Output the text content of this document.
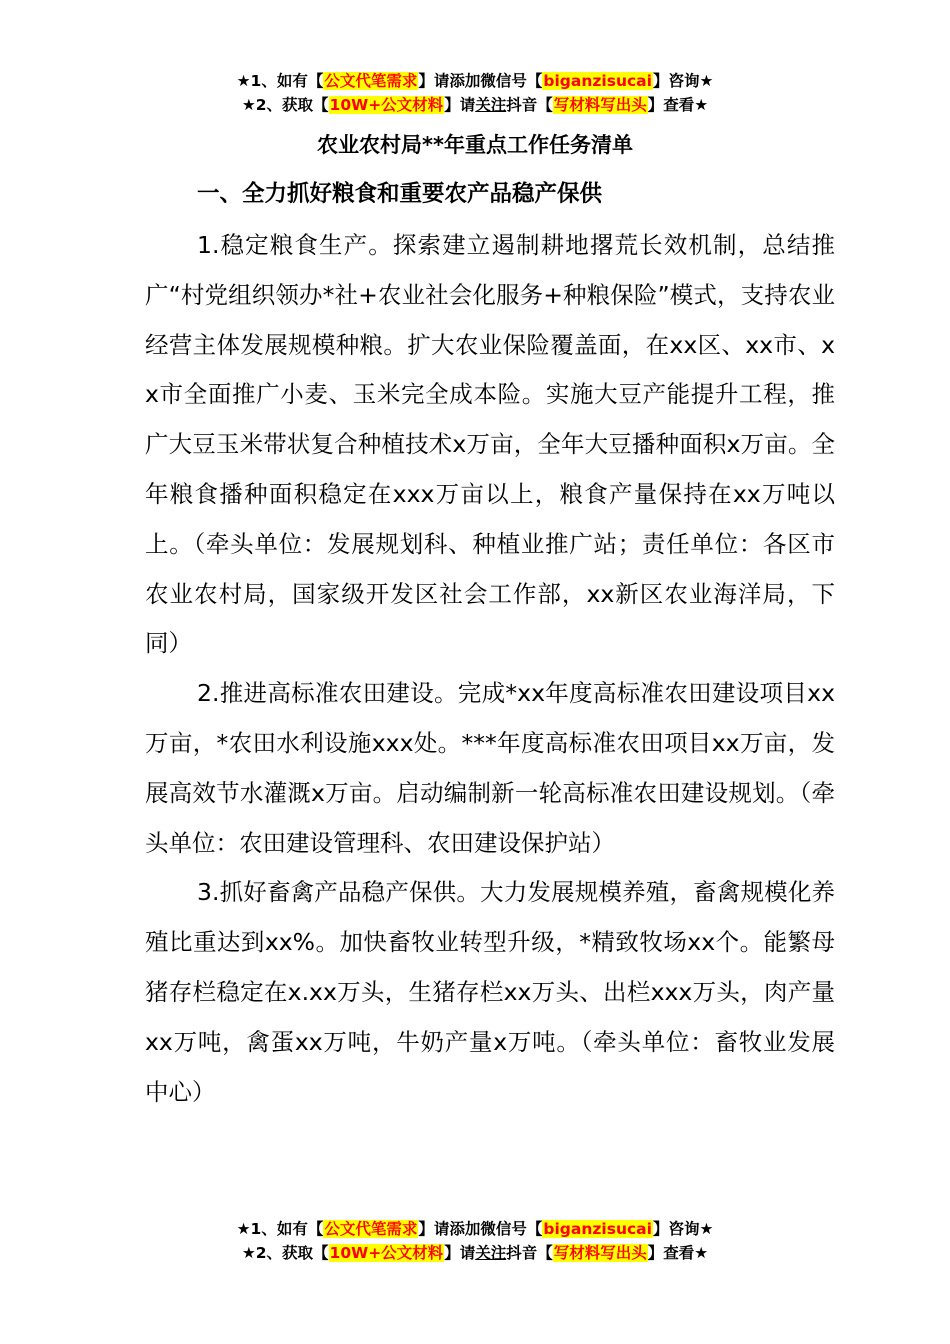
★1、如有【公文代笔需求】请添加微信号【biganzisucai】咨询★
★2、获取【10W+公文材料】请关注抖音【写材料写出头】查看★
农业农村局**年重点工作任务清单
一、全力抓好粮食和重要农产品稳产保供

1.稳定粮食生产。探索建立遏制耕地撂荒长效机制，总结推广“村党组织领办*社+农业社会化服务+种粮保险”模式，支持农业经营主体发展规模种粮。扩大农业保险覆盖面，在xx区、xx市、xx市全面推广小麦、玉米完全成本险。实施大豆产能提升工程，推广大豆玉米带状复合种植技术x万亩，全年大豆播种面积x万亩。全年粮食播种面积稳定在xxx万亩以上，粮食产量保持在xx万吨以上。（牵头单位：发展规划科、种植业推广站；责任单位：各区市农业农村局，国家级开发区社会工作部，xx新区农业海洋局，下同）

2.推进高标准农田建设。完成*xx年度高标准农田建设项目xx万亩，*农田水利设施xxx处。***年度高标准农田项目xx万亩，发展高效节水灌溉x万亩。启动编制新一轮高标准农田建设规划。（牵头单位：农田建设管理科、农田建设保护站）

3.抓好畜禽产品稳产保供。大力发展规模养殖，畜禽规模化养殖比重达到xx%。加快畜牧业转型升级，*精致牧场xx个。能繁母猪存栏稳定在x.xx万头，生猪存栏xx万头、出栏xxx万头，肉产量xx万吨，禽蛋xx万吨，牛奶产量x万吨。（牵头单位：畜牧业发展中心）

★1、如有【公文代笔需求】请添加微信号【biganzisucai】咨询★
★2、获取【10W+公文材料】请关注抖音【写材料写出头】查看★
